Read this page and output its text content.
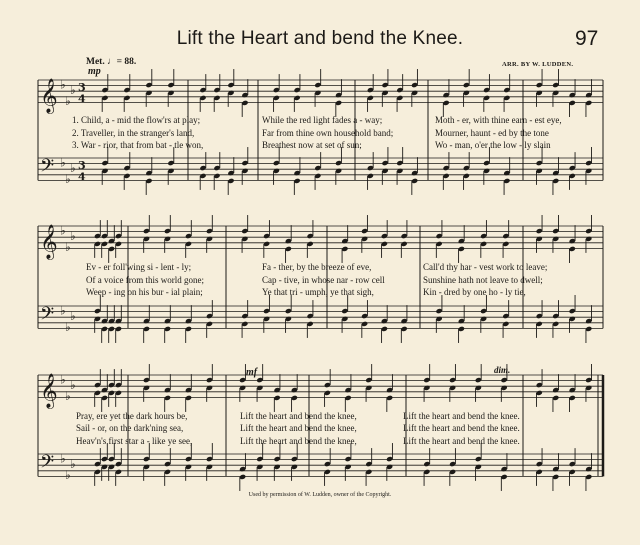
Lift the Heart and bend the Knee.	97
Met. ♩= 88.	ARR. BY W. LUDDEN.
mp
mf	dim.
1. Child, a - mid the flow'rs at play;	While the red light fades a - way;	Moth - er, with thine earn - est eye,
2. Traveller, in the stranger's land,	Far from thine own household band;	Mourner, haunt - ed by the tone
3. War - rior, that from bat - tle won,	Breathest now at set of sun;	Wo - man, o'er the low - ly slain
Ev - er foll'wing si - lent - ly;	Fa - ther, by the breeze of eve,	Call'd thy har - vest work to leave;
Of a voice from this world gone;	Cap - tive, in whose nar - row cell	Sunshine hath not leave to dwell;
Weep - ing on his bur - ial plain;	Ye that tri - umph, ye that sigh,	Kin - dred by one ho - ly tie,
Pray, ere yet the dark hours be,	Lift the heart and bend the knee,	Lift the heart and bend the knee.
Sail - or, on the dark'ning sea,	Lift the heart and bend the knee,	Lift the heart and bend the knee.
Heav'n's first star a - like ye see,	Lift the heart and bend the knee,	Lift the heart and bend the knee.
Used by permission of W. Ludden, owner of the Copyright.
𝄞 ♭
♭
♭
𝄢 ♭
♭
♭
3
3
4
4
𝄞 ♭
♭
♭
𝄢 ♭
♭
♭
𝄞 ♭
♭
♭
𝄢 ♭
♭
♭
